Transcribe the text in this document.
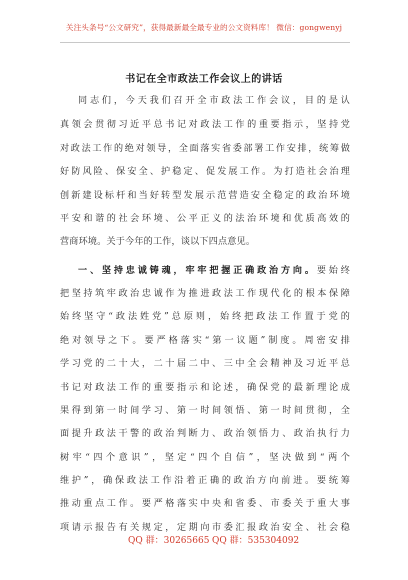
关注头条号“公文研究”，获得最新最全最专业的公文资料库！ 微信：gongwenyj
书记在全市政法工作会议上的讲话
同志们，今天我们召开全市政法工作会议，目的是认
真领会贯彻习近平总书记对政法工作的重要指示，坚持党
对政法工作的绝对领导，全面落实省委部署工作安排，统筹做
好防风险、保安全、护稳定、促发展工作。为打造社会治理
创新建设标杆和当好转型发展示范营造安全稳定的政治环境
平安和谐的社会环境、公平正义的法治环境和优质高效的
营商环境。关于今年的工作，谈以下四点意见。
一、坚持忠诚铸魂，牢牢把握正确政治方向。要始终
把坚持筑牢政治忠诚作为推进政法工作现代化的根本保障
始终坚守“政法姓党”总原则，始终把政法工作置于党的
绝对领导之下。要严格落实“第一议题”制度。周密安排
学习党的二十大，二十届二中、三中全会精神及习近平总
书记对政法工作的重要指示和论述，确保党的最新理论成
果得到第一时间学习、第一时间领悟、第一时间贯彻，全
面提升政法干警的政治判断力、政治领悟力、政治执行力
树牢“四个意识”，坚定“四个自信”，坚决做到“两个
维护”，确保政法工作沿着正确的政治方向前进。要统筹
推动重点工作。要严格落实中央和省委、市委关于重大事
项请示报告有关规定，定期向市委汇报政治安全、社会稳
QQ 群：30265665 QQ 群：535304092
